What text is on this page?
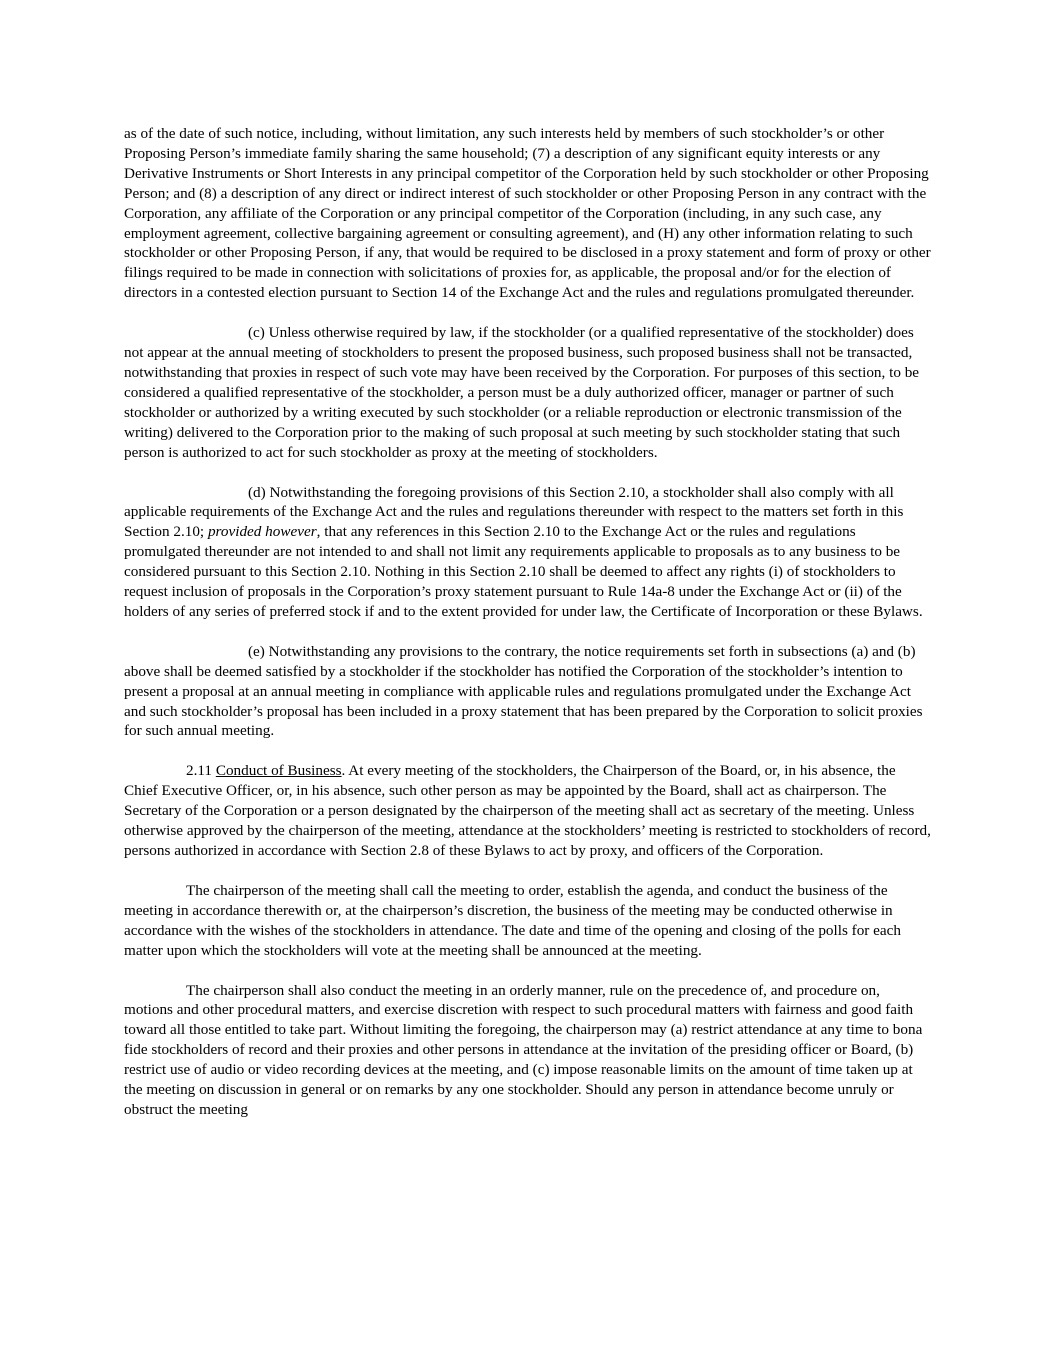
as of the date of such notice, including, without limitation, any such interests held by members of such stockholder’s or other Proposing Person’s immediate family sharing the same household; (7) a description of any significant equity interests or any Derivative Instruments or Short Interests in any principal competitor of the Corporation held by such stockholder or other Proposing Person; and (8) a description of any direct or indirect interest of such stockholder or other Proposing Person in any contract with the Corporation, any affiliate of the Corporation or any principal competitor of the Corporation (including, in any such case, any employment agreement, collective bargaining agreement or consulting agreement), and (H) any other information relating to such stockholder or other Proposing Person, if any, that would be required to be disclosed in a proxy statement and form of proxy or other filings required to be made in connection with solicitations of proxies for, as applicable, the proposal and/or for the election of directors in a contested election pursuant to Section 14 of the Exchange Act and the rules and regulations promulgated thereunder.

(c) Unless otherwise required by law, if the stockholder (or a qualified representative of the stockholder) does not appear at the annual meeting of stockholders to present the proposed business, such proposed business shall not be transacted, notwithstanding that proxies in respect of such vote may have been received by the Corporation. For purposes of this section, to be considered a qualified representative of the stockholder, a person must be a duly authorized officer, manager or partner of such stockholder or authorized by a writing executed by such stockholder (or a reliable reproduction or electronic transmission of the writing) delivered to the Corporation prior to the making of such proposal at such meeting by such stockholder stating that such person is authorized to act for such stockholder as proxy at the meeting of stockholders.

(d) Notwithstanding the foregoing provisions of this Section 2.10, a stockholder shall also comply with all applicable requirements of the Exchange Act and the rules and regulations thereunder with respect to the matters set forth in this Section 2.10; provided however, that any references in this Section 2.10 to the Exchange Act or the rules and regulations promulgated thereunder are not intended to and shall not limit any requirements applicable to proposals as to any business to be considered pursuant to this Section 2.10. Nothing in this Section 2.10 shall be deemed to affect any rights (i) of stockholders to request inclusion of proposals in the Corporation’s proxy statement pursuant to Rule 14a-8 under the Exchange Act or (ii) of the holders of any series of preferred stock if and to the extent provided for under law, the Certificate of Incorporation or these Bylaws.

(e) Notwithstanding any provisions to the contrary, the notice requirements set forth in subsections (a) and (b) above shall be deemed satisfied by a stockholder if the stockholder has notified the Corporation of the stockholder’s intention to present a proposal at an annual meeting in compliance with applicable rules and regulations promulgated under the Exchange Act and such stockholder’s proposal has been included in a proxy statement that has been prepared by the Corporation to solicit proxies for such annual meeting.

2.11 Conduct of Business. At every meeting of the stockholders, the Chairperson of the Board, or, in his absence, the Chief Executive Officer, or, in his absence, such other person as may be appointed by the Board, shall act as chairperson. The Secretary of the Corporation or a person designated by the chairperson of the meeting shall act as secretary of the meeting. Unless otherwise approved by the chairperson of the meeting, attendance at the stockholders’ meeting is restricted to stockholders of record, persons authorized in accordance with Section 2.8 of these Bylaws to act by proxy, and officers of the Corporation.

The chairperson of the meeting shall call the meeting to order, establish the agenda, and conduct the business of the meeting in accordance therewith or, at the chairperson’s discretion, the business of the meeting may be conducted otherwise in accordance with the wishes of the stockholders in attendance. The date and time of the opening and closing of the polls for each matter upon which the stockholders will vote at the meeting shall be announced at the meeting.

The chairperson shall also conduct the meeting in an orderly manner, rule on the precedence of, and procedure on, motions and other procedural matters, and exercise discretion with respect to such procedural matters with fairness and good faith toward all those entitled to take part. Without limiting the foregoing, the chairperson may (a) restrict attendance at any time to bona fide stockholders of record and their proxies and other persons in attendance at the invitation of the presiding officer or Board, (b) restrict use of audio or video recording devices at the meeting, and (c) impose reasonable limits on the amount of time taken up at the meeting on discussion in general or on remarks by any one stockholder. Should any person in attendance become unruly or obstruct the meeting
